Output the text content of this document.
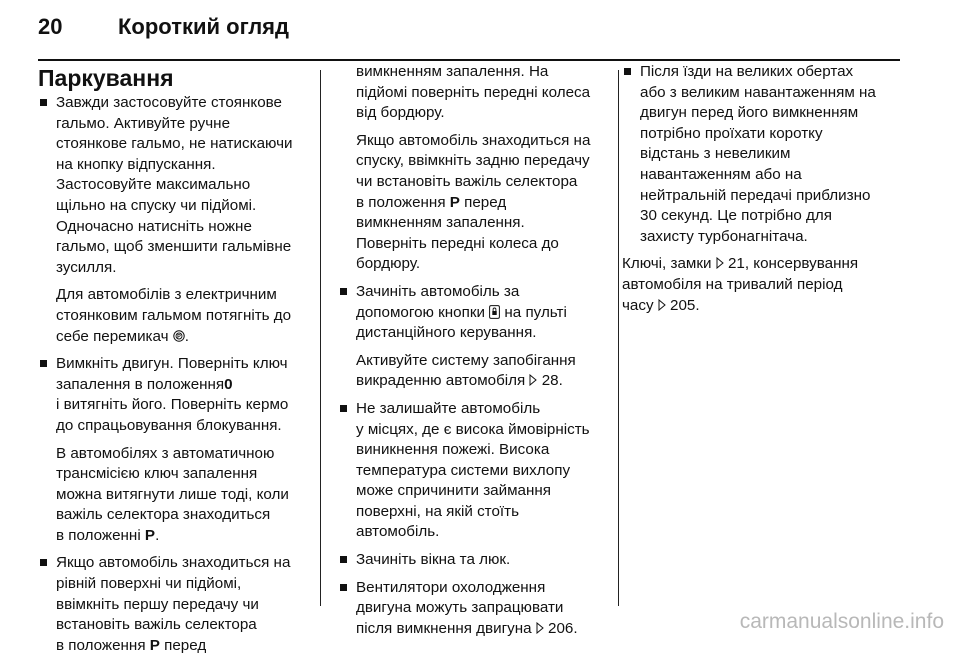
20	Короткий огляд
Паркування

Завжди застосовуйте стоянкове
гальмо. Активуйте ручне
стоянкове гальмо, не натискаючи
на кнопку відпускання.
Застосовуйте максимально
щільно на спуску чи підйомі.
Одночасно натисніть ножне
гальмо, щоб зменшити гальмівне
зусилля.

Для автомобілів з електричним
стоянковим гальмом потягніть до
себе перемикач P .

Вимкніть двигун. Поверніть ключ
запалення в положення0
і витягніть його. Поверніть кермо
до спрацьовування блокування.

В автомобілях з автоматичною
трансмісією ключ запалення
можна витягнути лише тоді, коли
важіль селектора знаходиться
в положенні P.

Якщо автомобіль знаходиться на
рівній поверхні чи підйомі,
ввімкніть першу передачу чи
встановіть важіль селектора
в положення P перед

вимкненням запалення. На
підйомі поверніть передні колеса
від бордюру.

Якщо автомобіль знаходиться на
спуску, ввімкніть задню передачу
чи встановіть важіль селектора
в положення P перед
вимкненням запалення.
Поверніть передні колеса до
бордюру.

Зачиніть автомобіль за
допомогою кнопки  на пульті
дистанційного керування.

Активуйте систему запобігання
викраденню автомобіля  28.

Не залишайте автомобіль
у місцях, де є висока ймовірність
виникнення пожежі. Висока
температура системи вихлопу
може спричинити займання
поверхні, на якій стоїть
автомобіль.

Зачиніть вікна та люк.

Вентилятори охолодження
двигуна можуть запрацювати
після вимкнення двигуна  206.

Після їзди на великих обертах
або з великим навантаженням на
двигун перед його вимкненням
потрібно проїхати коротку
відстань з невеликим
навантаженням або на
нейтральній передачі приблизно
30 секунд. Це потрібно для
захисту турбонагнітача.

Ключі, замки  21, консервування
автомобіля на тривалий період
часу  205.

carmanualsonline.info
